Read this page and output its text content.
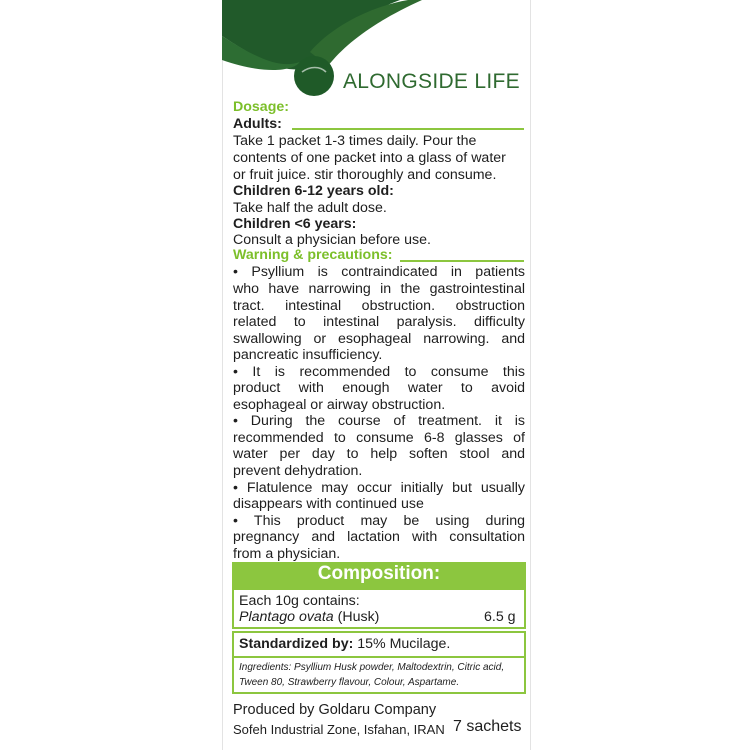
ALONGSIDE LIFE
Dosage:
Adults:
Take 1 packet 1-3 times daily. Pour the
contents of one packet into a glass of water
or fruit juice. stir thoroughly and consume.
Children 6-12 years old:
Take half the adult dose.
Children <6 years:
Consult a physician before use.
Warning & precautions:
• Psyllium is contraindicated in patients
who have narrowing in the gastrointestinal
tract. intestinal obstruction. obstruction
related to intestinal paralysis. difficulty
swallowing or esophageal narrowing. and
pancreatic insufficiency.
• It is recommended to consume this
product with enough water to avoid
esophageal or airway obstruction.
• During the course of treatment. it is
recommended to consume 6-8 glasses of
water per day to help soften stool and
prevent dehydration.
• Flatulence may occur initially but usually
disappears with continued use
• This product may be using during
pregnancy and lactation with consultation
from a physician.
Composition:
Each 10g contains:
Plantago ovata (Husk)	6.5 g
Standardized by: 15% Mucilage.
Ingredients: Psyllium Husk powder, Maltodextrin, Citric acid,
Tween 80, Strawberry flavour, Colour, Aspartame.
Produced by Goldaru Company
Sofeh Industrial Zone, Isfahan, IRAN 7 sachets
